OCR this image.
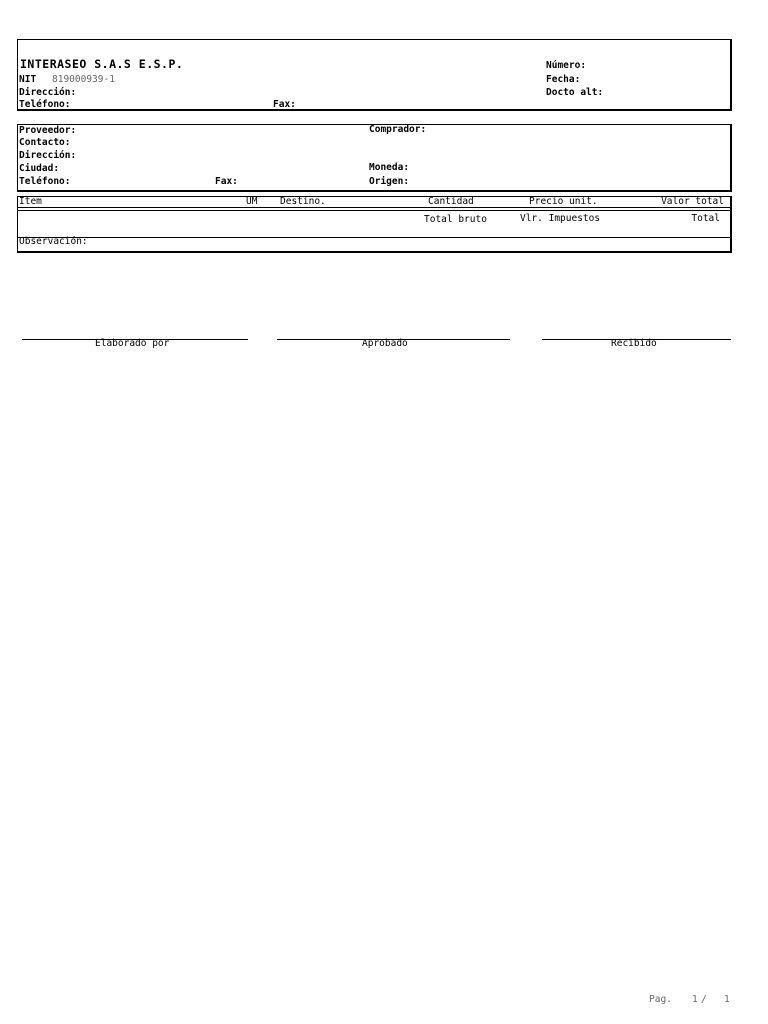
INTERASEO S.A.S E.S.P.
NIT 819000939-1
Dirección:
Teléfono:	Fax:
Número:
Fecha:
Docto alt:
Proveedor:
Contacto:
Dirección:
Ciudad:
Teléfono:	Fax:
Comprador:
Moneda:
Origen:
Item	UM Destino.	Cantidad	Precio unit.	Valor total
Total bruto	Vlr. Impuestos	Total
Observación:
Elaborado por	Aprobado	Recibido
Pag. 1 / 1
